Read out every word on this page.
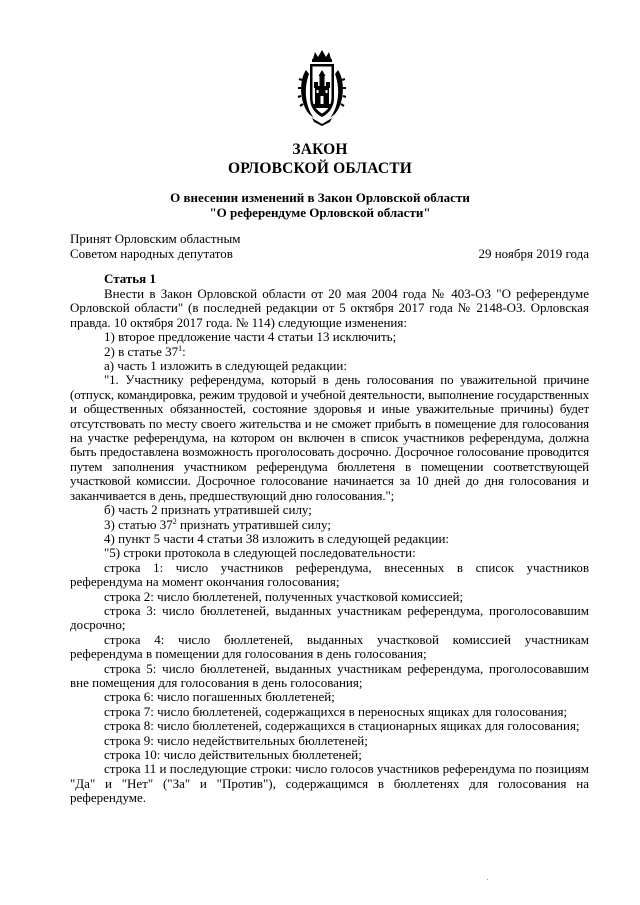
ЗАКОН
ОРЛОВСКОЙ ОБЛАСТИ
О внесении изменений в Закон Орловской области
"О референдуме Орловской области"
Принят Орловским областным
Советом народных депутатов	29 ноября 2019 года
Статья 1

Внести в Закон Орловской области от 20 мая 2004 года № 403-ОЗ "О референдуме Орловской области" (в последней редакции от 5 октября 2017 года № 2148-ОЗ. Орловская правда. 10 октября 2017 года. № 114) следующие изменения:

1) второе предложение части 4 статьи 13 исключить;

2) в статье $37^1$:

а) часть 1 изложить в следующей редакции:

"1. Участнику референдума, который в день голосования по уважительной причине (отпуск, командировка, режим трудовой и учебной деятельности, выполнение государственных и общественных обязанностей, состояние здоровья и иные уважительные причины) будет отсутствовать по месту своего жительства и не сможет прибыть в помещение для голосования на участке референдума, на котором он включен в список участников референдума, должна быть предоставлена возможность проголосовать досрочно. Досрочное голосование проводится путем заполнения участником референдума бюллетеня в помещении соответствующей участковой комиссии. Досрочное голосование начинается за 10 дней до дня голосования и заканчивается в день, предшествующий дню голосования.";

б) часть 2 признать утратившей силу;

3) статью $37^2$ признать утратившей силу;

4) пункт 5 части 4 статьи 38 изложить в следующей редакции:

"5) строки протокола в следующей последовательности:

строка 1: число участников референдума, внесенных в список участников референдума на момент окончания голосования;

строка 2: число бюллетеней, полученных участковой комиссией;

строка 3: число бюллетеней, выданных участникам референдума, проголосовавшим досрочно;

строка 4: число бюллетеней, выданных участковой комиссией участникам референдума в помещении для голосования в день голосования;

строка 5: число бюллетеней, выданных участникам референдума, проголосовавшим вне помещения для голосования в день голосования;

строка 6: число погашенных бюллетеней;

строка 7: число бюллетеней, содержащихся в переносных ящиках для голосования;

строка 8: число бюллетеней, содержащихся в стационарных ящиках для голосования;

строка 9: число недействительных бюллетеней;

строка 10: число действительных бюллетеней;

строка 11 и последующие строки: число голосов участников референдума по позициям "Да" и "Нет" ("За" и "Против"), содержащимся в бюллетенях для голосования на референдуме.
